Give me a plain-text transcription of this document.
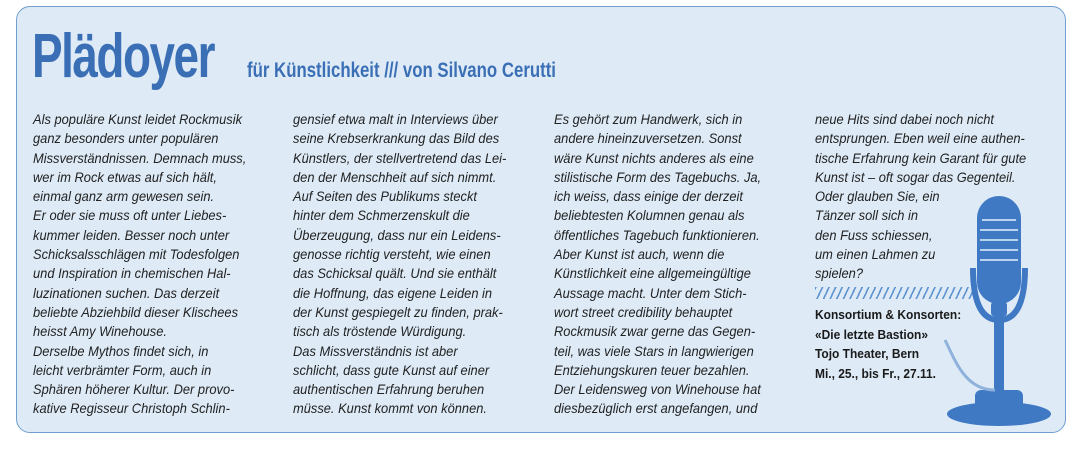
Plädoyer für Künstlichkeit /// von Silvano Cerutti
Als populäre Kunst leidet Rockmusik
ganz besonders unter populären
Missverständnissen. Demnach muss,
wer im Rock etwas auf sich hält,
einmal ganz arm gewesen sein.
Er oder sie muss oft unter Liebes-
kummer leiden. Besser noch unter
Schicksalsschlägen mit Todesfolgen
und Inspiration in chemischen Hal-
luzinationen suchen. Das derzeit
beliebte Abziehbild dieser Klischees
heisst Amy Winehouse.
Derselbe Mythos findet sich, in
leicht verbrämter Form, auch in
Sphären höherer Kultur. Der provo-
kative Regisseur Christoph Schlin-
gensief etwa malt in Interviews über
seine Krebserkrankung das Bild des
Künstlers, der stellvertretend das Lei-
den der Menschheit auf sich nimmt.
Auf Seiten des Publikums steckt
hinter dem Schmerzenskult die
Überzeugung, dass nur ein Leidens-
genosse richtig versteht, wie einen
das Schicksal quält. Und sie enthält
die Hoffnung, das eigene Leiden in
der Kunst gespiegelt zu finden, prak-
tisch als tröstende Würdigung.
Das Missverständnis ist aber
schlicht, dass gute Kunst auf einer
authentischen Erfahrung beruhen
müsse. Kunst kommt von können.
Es gehört zum Handwerk, sich in
andere hineinzuversetzen. Sonst
wäre Kunst nichts anderes als eine
stilistische Form des Tagebuchs. Ja,
ich weiss, dass einige der derzeit
beliebtesten Kolumnen genau als
öffentliches Tagebuch funktionieren.
Aber Kunst ist auch, wenn die
Künstlichkeit eine allgemeingültige
Aussage macht. Unter dem Stich-
wort street credibility behauptet
Rockmusik zwar gerne das Gegen-
teil, was viele Stars in langwierigen
Entziehungskuren teuer bezahlen.
Der Leidensweg von Winehouse hat
diesbezüglich erst angefangen, und
neue Hits sind dabei noch nicht
entsprungen. Eben weil eine authen-
tische Erfahrung kein Garant für gute
Kunst ist – oft sogar das Gegenteil.
Oder glauben Sie, ein
Tänzer soll sich in
den Fuss schiessen,
um einen Lahmen zu
spielen?
Konsortium & Konsorten:
«Die letzte Bastion»
Tojo Theater, Bern
Mi., 25., bis Fr., 27.11.
